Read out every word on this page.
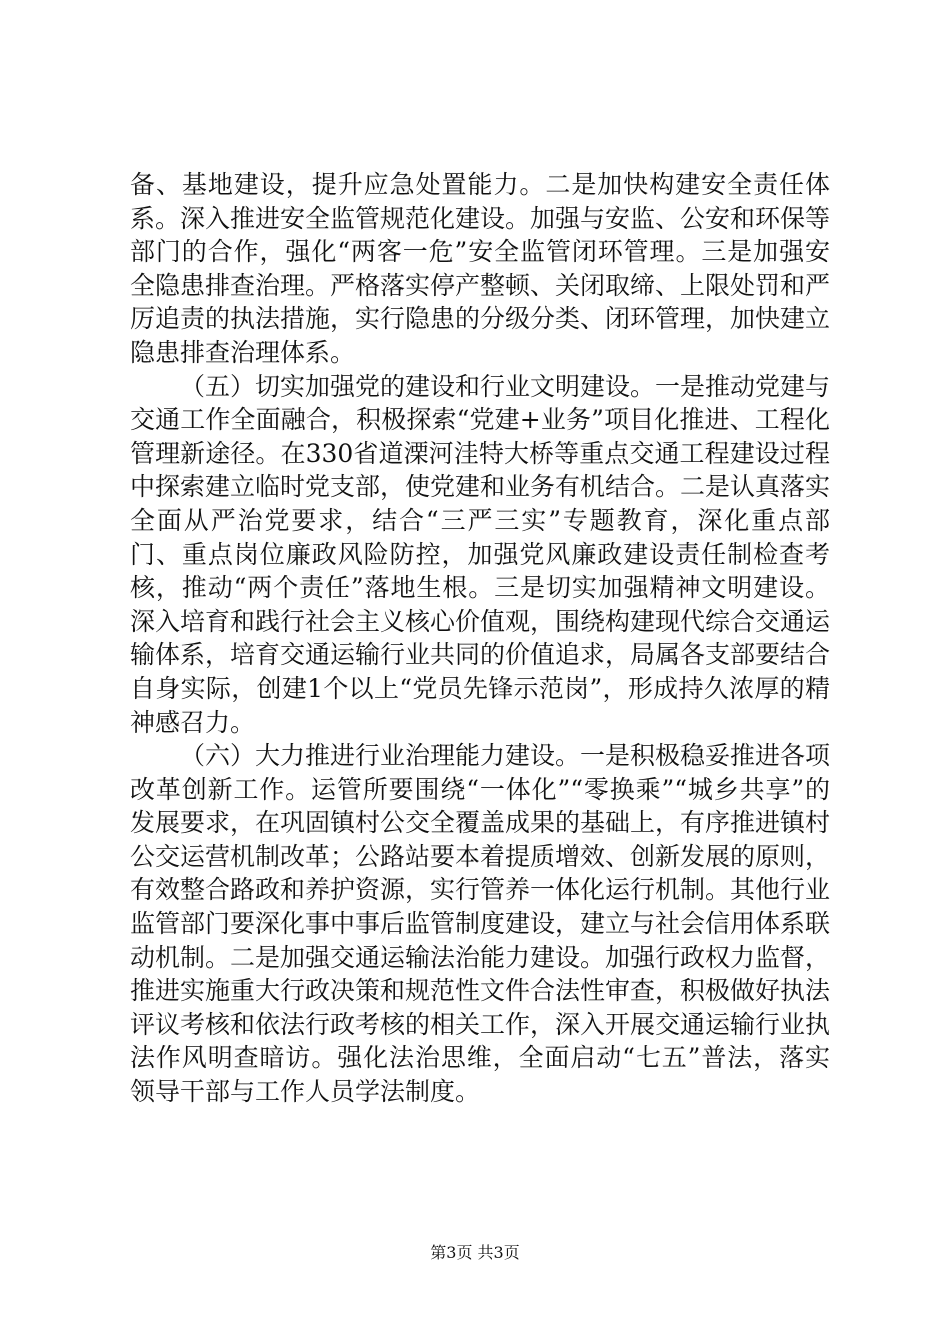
备、基地建设，提升应急处置能力。二是加快构建安全责任体系。深入推进安全监管规范化建设。加强与安监、公安和环保等部门的合作，强化“两客一危”安全监管闭环管理。三是加强安全隐患排查治理。严格落实停产整顿、关闭取缔、上限处罚和严厉追责的执法措施，实行隐患的分级分类、闭环管理，加快建立隐患排查治理体系。

（五）切实加强党的建设和行业文明建设。一是推动党建与交通工作全面融合，积极探索“党建+业务”项目化推进、工程化管理新途径。在330省道溧河洼特大桥等重点交通工程建设过程中探索建立临时党支部，使党建和业务有机结合。二是认真落实全面从严治党要求，结合“三严三实”专题教育，深化重点部门、重点岗位廉政风险防控，加强党风廉政建设责任制检查考核，推动“两个责任”落地生根。三是切实加强精神文明建设。深入培育和践行社会主义核心价值观，围绕构建现代综合交通运输体系，培育交通运输行业共同的价值追求，局属各支部要结合自身实际，创建1个以上“党员先锋示范岗”，形成持久浓厚的精神感召力。

（六）大力推进行业治理能力建设。一是积极稳妥推进各项改革创新工作。运管所要围绕“一体化”“零换乘”“城乡共享”的发展要求，在巩固镇村公交全覆盖成果的基础上，有序推进镇村公交运营机制改革；公路站要本着提质增效、创新发展的原则，有效整合路政和养护资源，实行管养一体化运行机制。其他行业监管部门要深化事中事后监管制度建设，建立与社会信用体系联动机制。二是加强交通运输法治能力建设。加强行政权力监督，推进实施重大行政决策和规范性文件合法性审查，积极做好执法评议考核和依法行政考核的相关工作，深入开展交通运输行业执法作风明查暗访。强化法治思维，全面启动“七五”普法，落实领导干部与工作人员学法制度。

第3页 共3页
